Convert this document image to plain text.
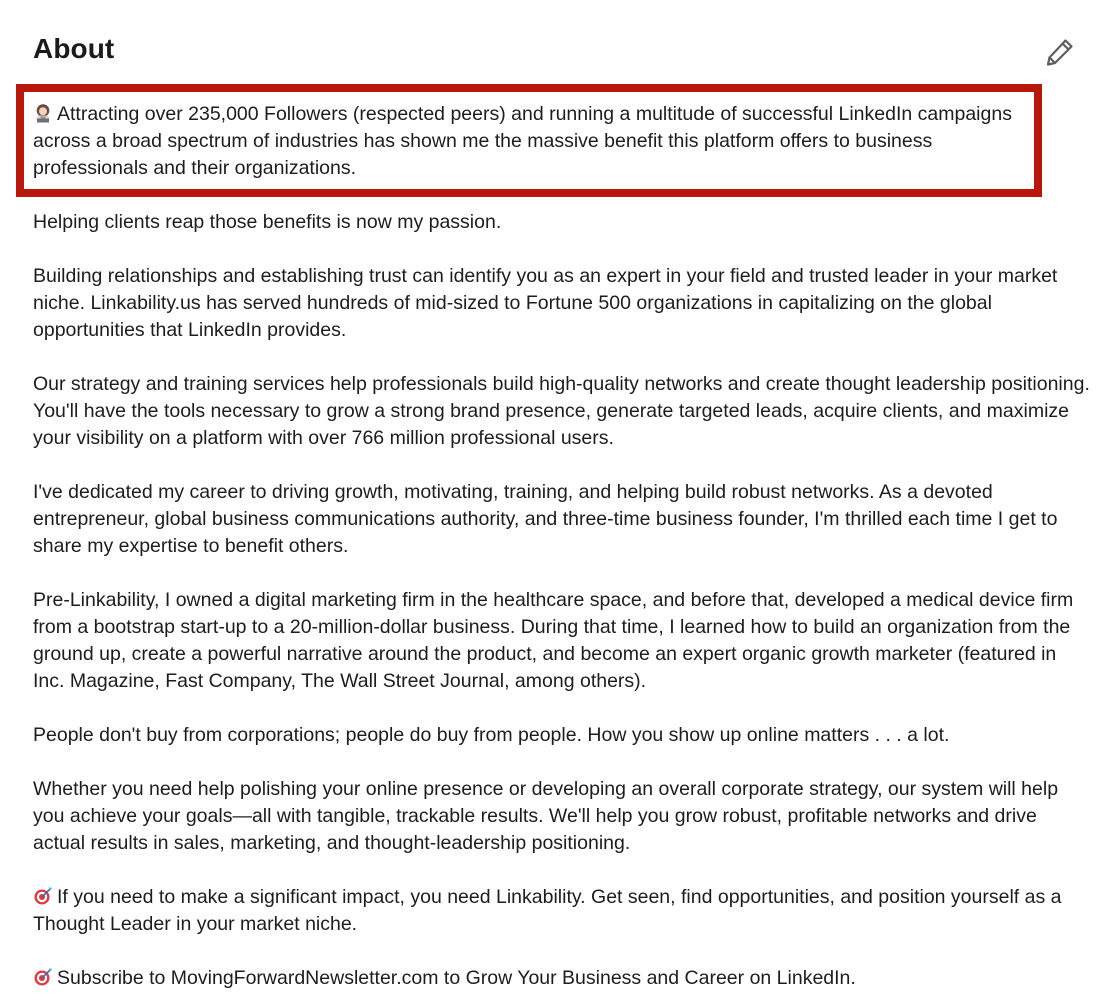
About

Attracting over 235,000 Followers (respected peers) and running a multitude of successful LinkedIn campaigns across a broad spectrum of industries has shown me the massive benefit this platform offers to business professionals and their organizations.

Helping clients reap those benefits is now my passion.

Building relationships and establishing trust can identify you as an expert in your field and trusted leader in your market niche. Linkability.us has served hundreds of mid-sized to Fortune 500 organizations in capitalizing on the global opportunities that LinkedIn provides.

Our strategy and training services help professionals build high-quality networks and create thought leadership positioning. You'll have the tools necessary to grow a strong brand presence, generate targeted leads, acquire clients, and maximize your visibility on a platform with over 766 million professional users.

I've dedicated my career to driving growth, motivating, training, and helping build robust networks. As a devoted entrepreneur, global business communications authority, and three-time business founder, I'm thrilled each time I get to share my expertise to benefit others.

Pre-Linkability, I owned a digital marketing firm in the healthcare space, and before that, developed a medical device firm from a bootstrap start-up to a 20-million-dollar business. During that time, I learned how to build an organization from the ground up, create a powerful narrative around the product, and become an expert organic growth marketer (featured in Inc. Magazine, Fast Company, The Wall Street Journal, among others).

People don't buy from corporations; people do buy from people. How you show up online matters . . . a lot.

Whether you need help polishing your online presence or developing an overall corporate strategy, our system will help you achieve your goals—all with tangible, trackable results. We'll help you grow robust, profitable networks and drive actual results in sales, marketing, and thought-leadership positioning.

If you need to make a significant impact, you need Linkability. Get seen, find opportunities, and position yourself as a Thought Leader in your market niche.

Subscribe to MovingForwardNewsletter.com to Grow Your Business and Career on LinkedIn.
